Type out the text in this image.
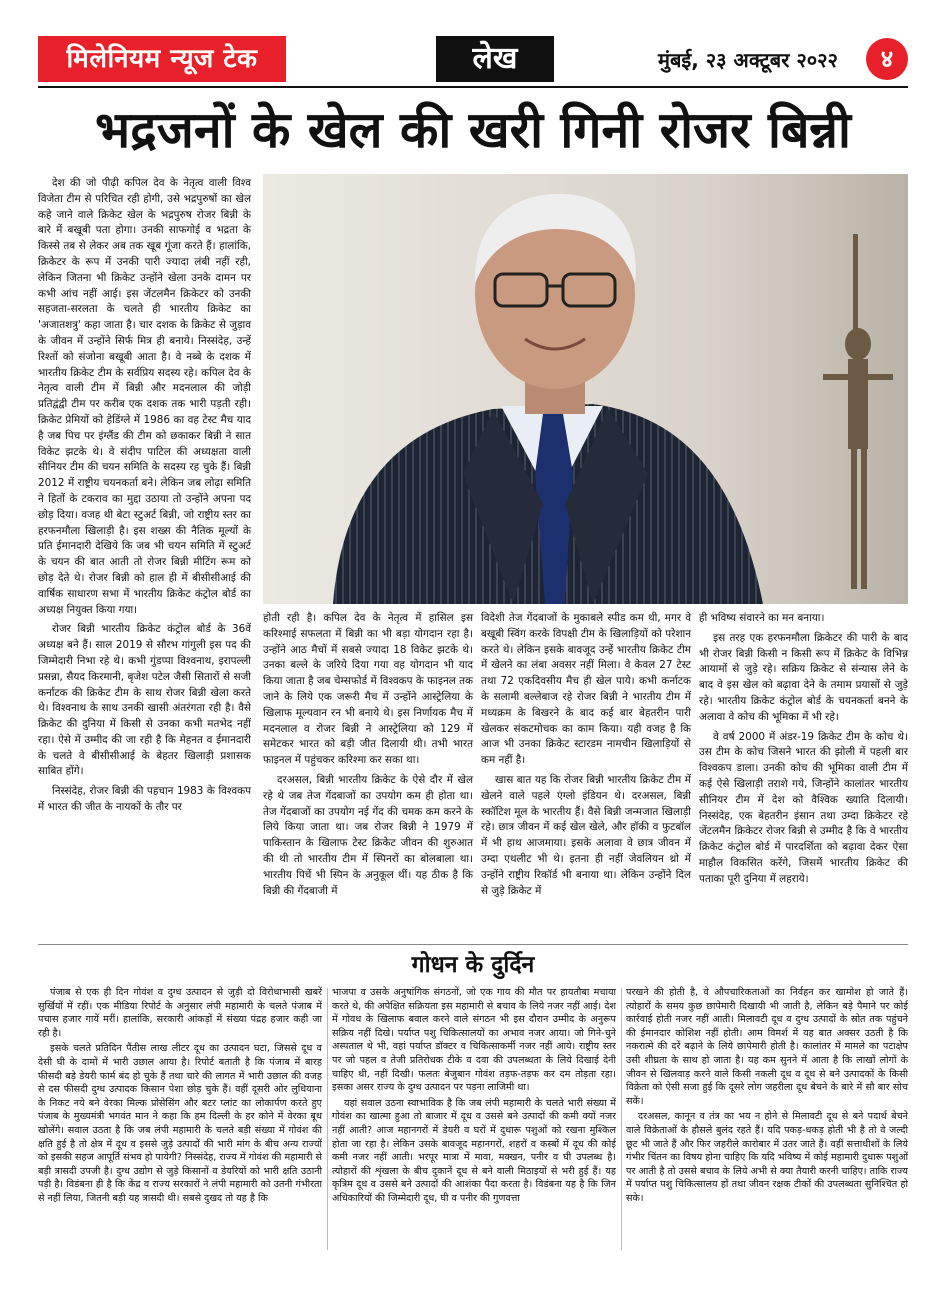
मिलेनियम न्यूज टेक	लेख	मुंबई, २३ अक्टूबर २०२२	४
भद्रजनों के खेल की खरी गिनी रोजर बिन्नी

देश की जो पीढ़ी कपिल देव के नेतृत्व वाली विश्व विजेता टीम से परिचित रही होगी, उसे भद्रपुरुषों का खेल कहे जाने वाले क्रिकेट खेल के भद्रपुरुष रोजर बिन्नी के बारे में बखूबी पता होगा। उनकी साफगोई व भद्रता के किस्से तब से लेकर अब तक खूब गूंजा करते हैं। हालांकि, क्रिकेटर के रूप में उनकी पारी ज्यादा लंबी नहीं रही, लेकिन जितना भी क्रिकेट उन्होंने खेला उनके दामन पर कभी आंच नहीं आई। इस जेंटलमैन क्रिकेटर को उनकी सहजता-सरलता के चलते ही भारतीय क्रिकेट का 'अजातशत्रु' कहा जाता है। चार दशक के क्रिकेट से जुड़ाव के जीवन में उन्होंने सिर्फ मित्र ही बनाये। निस्संदेह, उन्हें रिश्तों को संजोना बखूबी आता है। वे नब्बे के दशक में भारतीय क्रिकेट टीम के सर्वप्रिय सदस्य रहे। कपिल देव के नेतृत्व वाली टीम में बिन्नी और मदनलाल की जोड़ी प्रतिद्वंद्वी टीम पर करीब एक दशक तक भारी पड़ती रही। क्रिकेट प्रेमियों को हेडिंग्ले में 1986 का वह टेस्ट मैच याद है जब पिच पर इंग्लैंड की टीम को छकाकर बिन्नी ने सात विकेट झटके थे। वे संदीप पाटिल की अध्यक्षता वाली सीनियर टीम की चयन समिति के सदस्य रह चुके हैं। बिन्नी 2012 में राष्ट्रीय चयनकर्ता बने। लेकिन जब लोढ़ा समिति ने हितों के टकराव का मुद्दा उठाया तो उन्होंने अपना पद छोड़ दिया। वजह थी बेटा स्टुअर्ट बिन्नी, जो राष्ट्रीय स्तर का हरफनमौला खिलाड़ी है। इस शख्स की नैतिक मूल्यों के प्रति ईमानदारी देखिये कि जब भी चयन समिति में स्टुअर्ट के चयन की बात आती तो रोजर बिन्नी मीटिंग रूम को छोड़ देते थे। रोजर बिन्नी को हाल ही में बीसीसीआई की वार्षिक साधारण सभा में भारतीय क्रिकेट कंट्रोल बोर्ड का अध्यक्ष नियुक्त किया गया।

रोजर बिन्नी भारतीय क्रिकेट कंट्रोल बोर्ड के 36वें अध्यक्ष बने हैं। साल 2019 से सौरभ गांगुली इस पद की जिम्मेदारी निभा रहे थे। कभी गुंडप्पा विश्वनाथ, इरापल्ली प्रसन्ना, सैयद किरमानी, बृजेश पटेल जैसी सितारों से सजी कर्नाटक की क्रिकेट टीम के साथ रोजर बिन्नी खेला करते थे। विश्वनाथ के साथ उनकी खासी अंतरंगता रही है। वैसे क्रिकेट की दुनिया में किसी से उनका कभी मतभेद नहीं रहा। ऐसे में उम्मीद की जा रही है कि मेहनत व ईमानदारी के चलते वे बीसीसीआई के बेहतर खिलाड़ी प्रशासक साबित होंगे।

निस्संदेह, रोजर बिन्नी की पहचान 1983 के विश्वकप में भारत की जीत के नायकों के तौर पर

होती रही है। कपिल देव के नेतृत्व में हासिल इस करिश्माई सफलता में बिन्नी का भी बड़ा योगदान रहा है। उन्होंने आठ मैचों में सबसे ज्यादा 18 विकेट झटके थे। उनका बल्ले के जरिये दिया गया वह योगदान भी याद किया जाता है जब चेम्सफोर्ड में विश्वकप के फाइनल तक जाने के लिये एक जरूरी मैच में उन्होंने आस्ट्रेलिया के खिलाफ मूल्यवान रन भी बनाये थे। इस निर्णायक मैच में मदनलाल व रोजर बिन्नी ने आस्ट्रेलिया को 129 में समेटकर भारत को बड़ी जीत दिलायी थी। तभी भारत फाइनल में पहुंचकर करिश्मा कर सका था।

दरअसल, बिन्नी भारतीय क्रिकेट के ऐसे दौर में खेल रहे थे जब तेज गेंदबाजों का उपयोग कम ही होता था। तेज गेंदबाजों का उपयोग नई गेंद की चमक कम करने के लिये किया जाता था। जब रोजर बिन्नी ने 1979 में पाकिस्तान के खिलाफ टेस्ट क्रिकेट जीवन की शुरुआत की थी तो भारतीय टीम में स्पिनरों का बोलबाला था। भारतीय पिचें भी स्पिन के अनुकूल थीं। यह ठीक है कि बिन्नी की गेंदबाजी में

विदेशी तेज गेंदबाजों के मुकाबले स्पीड कम थी, मगर वे बखूबी स्विंग करके विपक्षी टीम के खिलाड़ियों को परेशान करते थे। लेकिन इसके बावजूद उन्हें भारतीय क्रिकेट टीम में खेलने का लंबा अवसर नहीं मिला। वे केवल 27 टेस्ट तथा 72 एकदिवसीय मैच ही खेल पाये। कभी कर्नाटक के सलामी बल्लेबाज रहे रोजर बिन्नी ने भारतीय टीम में मध्यक्रम के बिखरने के बाद कई बार बेहतरीन पारी खेलकर संकटमोचक का काम किया। यही वजह है कि आज भी उनका क्रिकेट स्टारडम नामचीन खिलाड़ियों से कम नहीं है।

खास बात यह कि रोजर बिन्नी भारतीय क्रिकेट टीम में खेलने वाले पहले एंग्लो इंडियन थे। दरअसल, बिन्नी स्कॉटिश मूल के भारतीय हैं। वैसे बिन्नी जन्मजात खिलाड़ी रहे। छात्र जीवन में कई खेल खेले, और हॉकी व फुटबॉल में भी हाथ आजमाया। इसके अलावा वे छात्र जीवन में उम्दा एथलीट भी थे। इतना ही नहीं जेवलियन थ्रो में उन्होंने राष्ट्रीय रिकॉर्ड भी बनाया था। लेकिन उन्होंने दिल से जुड़े क्रिकेट में

ही भविष्य संवारने का मन बनाया।

इस तरह एक हरफनमौला क्रिकेटर की पारी के बाद भी रोजर बिन्नी किसी न किसी रूप में क्रिकेट के विभिन्न आयामों से जुड़े रहे। सक्रिय क्रिकेट से संन्यास लेने के बाद वे इस खेल को बढ़ावा देने के तमाम प्रयासों से जुड़े रहे। भारतीय क्रिकेट कंट्रोल बोर्ड के चयनकर्ता बनने के अलावा वे कोच की भूमिका में भी रहे।

वे वर्ष 2000 में अंडर-19 क्रिकेट टीम के कोच थे। उस टीम के कोच जिसने भारत की झोली में पहली बार विश्वकप डाला। उनकी कोच की भूमिका वाली टीम में कई ऐसे खिलाड़ी तराशे गये, जिन्होंने कालांतर भारतीय सीनियर टीम में देश को वैश्विक ख्याति दिलायी।निस्संदेह, एक बेहतरीन इंसान तथा उम्दा क्रिकेटर रहे जेंटलमैन क्रिकेटर रोजर बिन्नी से उम्मीद है कि वे भारतीय क्रिकेट कंट्रोल बोर्ड में पारदर्शिता को बढ़ावा देकर ऐसा माहौल विकसित करेंगे, जिसमें भारतीय क्रिकेट की पताका पूरी दुनिया में लहराये।

गोधन के दुर्दिन

पंजाब से एक ही दिन गोवंश व दुग्ध उत्पादन से जुड़ी दो विरोधाभासी खबरें सुर्खियों में रहीं। एक मीडिया रिपोर्ट के अनुसार लंपी महामारी के चलते पंजाब में पचास हजार गायें मरीं। हालांकि, सरकारी आंकड़ों में संख्या पंद्रह हजार कही जा रही है।

इसके चलते प्रतिदिन पैंतीस लाख लीटर दूध का उत्पादन घटा, जिससे दूध व देसी घी के दामों में भारी उछाल आया है। रिपोर्ट बताती है कि पंजाब में बारह फीसदी बड़े डेयरी फार्म बंद हो चुके हैं तथा चारे की लागत में भारी उछाल की वजह से दस फीसदी दुग्ध उत्पादक किसान पेशा छोड़ चुके हैं। वहीं दूसरी ओर लुधियाना के निकट नये बने वेरका मिल्क प्रोसेसिंग और बटर प्लांट का लोकार्पण करते हुए पंजाब के मुख्यमंत्री भगवंत मान ने कहा कि हम दिल्ली के हर कोने में वेरका बूथ खोलेंगे। सवाल उठता है कि जब लंपी महामारी के चलते बड़ी संख्या में गोवंश की क्षति हुई है तो क्षेत्र में दूध व इससे जुड़े उत्पादों की भारी मांग के बीच अन्य राज्यों को इसकी सहज आपूर्ति संभव हो पायेगी? निस्संदेह, राज्य में गोवंश की महामारी से बड़ी त्रासदी उपजी है। दुग्ध उद्योग से जुड़े किसानों व डेयरियों को भारी क्षति उठानी पड़ी है। विडंबना ही है कि केंद्र व राज्य सरकारों ने लंपी महामारी को उतनी गंभीरता से नहीं लिया, जितनी बड़ी यह त्रासदी थी। सबसे दुखद तो यह है कि

भाजपा व उसके अनुषांगिक संगठनों, जो एक गाय की मौत पर हायतौबा मचाया करते थे, की अपेक्षित सक्रियता इस महामारी से बचाव के लिये नजर नहीं आई। देश में गोवध के खिलाफ बवाल करने वाले संगठन भी इस दौरान उम्मीद के अनुरूप सक्रिय नहीं दिखे। पर्याप्त पशु चिकित्सालयों का अभाव नजर आया। जो गिने-चुने अस्पताल थे भी, वहां पर्याप्त डॉक्टर व चिकित्साकर्मी नजर नहीं आये। राष्ट्रीय स्तर पर जो पहल व तेजी प्रतिरोधक टीके व दवा की उपलब्धता के लिये दिखाई देनी चाहिए थी, नहीं दिखी। फलतः बेजुबान गोवंश तड़फ-तड़फ कर दम तोड़ता रहा। इसका असर राज्य के दुग्ध उत्पादन पर पड़ना लाजिमी था।

यहां सवाल उठना स्वाभाविक है कि जब लंपी महामारी के चलते भारी संख्या में गोवंश का खात्मा हुआ तो बाजार में दूध व उससे बने उत्पादों की कमी क्यों नजर नहीं आती? आज महानगरों में डेयरी व घरों में दुधारू पशुओं को रखना मुश्किल होता जा रहा है। लेकिन उसके बावजूद महानगरों, शहरों व कस्बों में दूध की कोई कमी नजर नहीं आती। भरपूर मात्रा में मावा, मक्खन, पनीर व घी उपलब्ध है। त्योहारों की शृंखला के बीच दुकानें दूध से बने वाली मिठाइयों से भरी हुई हैं। यह कृत्रिम दूध व उससे बने उत्पादों की आशंका पैदा करता है। विडंबना यह है कि जिन अधिकारियों की जिम्मेदारी दूध, घी व पनीर की गुणवत्ता

परखने की होती है, वे औपचारिकताओं का निर्वहन कर खामोश हो जाते हैं। त्योहारों के समय कुछ छापेमारी दिखायी भी जाती है, लेकिन बड़े पैमाने पर कोई कार्रवाई होती नजर नहीं आती। मिलावटी दूध व दुग्ध उत्पादों के स्रोत तक पहुंचने की ईमानदार कोशिश नहीं होती। आम विमर्श में यह बात अक्सर उठती है कि नकरात्मे की दरें बढ़ाने के लिये छापेमारी होती है। कालांतर में मामले का पटाक्षेप उसी शीघ्रता के साथ हो जाता है। यह कम सुनने में आता है कि लाखों लोगों के जीवन से खिलवाड़ करने वाले किसी नकली दूध व दूध से बने उत्पादकों के किसी विक्रेता को ऐसी सजा हुई कि दूसरे लोग जहरीला दूध बेचने के बारे में सौ बार सोच सकें।

दरअसल, कानून व तंत्र का भय न होने से मिलावटी दूध से बने पदार्थ बेचने वाले विक्रेताओं के हौसले बुलंद रहते हैं। यदि पकड़-धकड़ होती भी है तो वे जल्दी छूट भी जाते हैं और फिर जहरीले कारोबार में उतर जाते हैं। वहीं सत्ताधीशों के लिये गंभीर चिंतन का विषय होना चाहिए कि यदि भविष्य में कोई महामारी दुधारू पशुओं पर आती है तो उससे बचाव के लिये अभी से क्या तैयारी करनी चाहिए। ताकि राज्य में पर्याप्त पशु चिकित्सालय हों तथा जीवन रक्षक टीकों की उपलब्धता सुनिश्चित हो सके।
